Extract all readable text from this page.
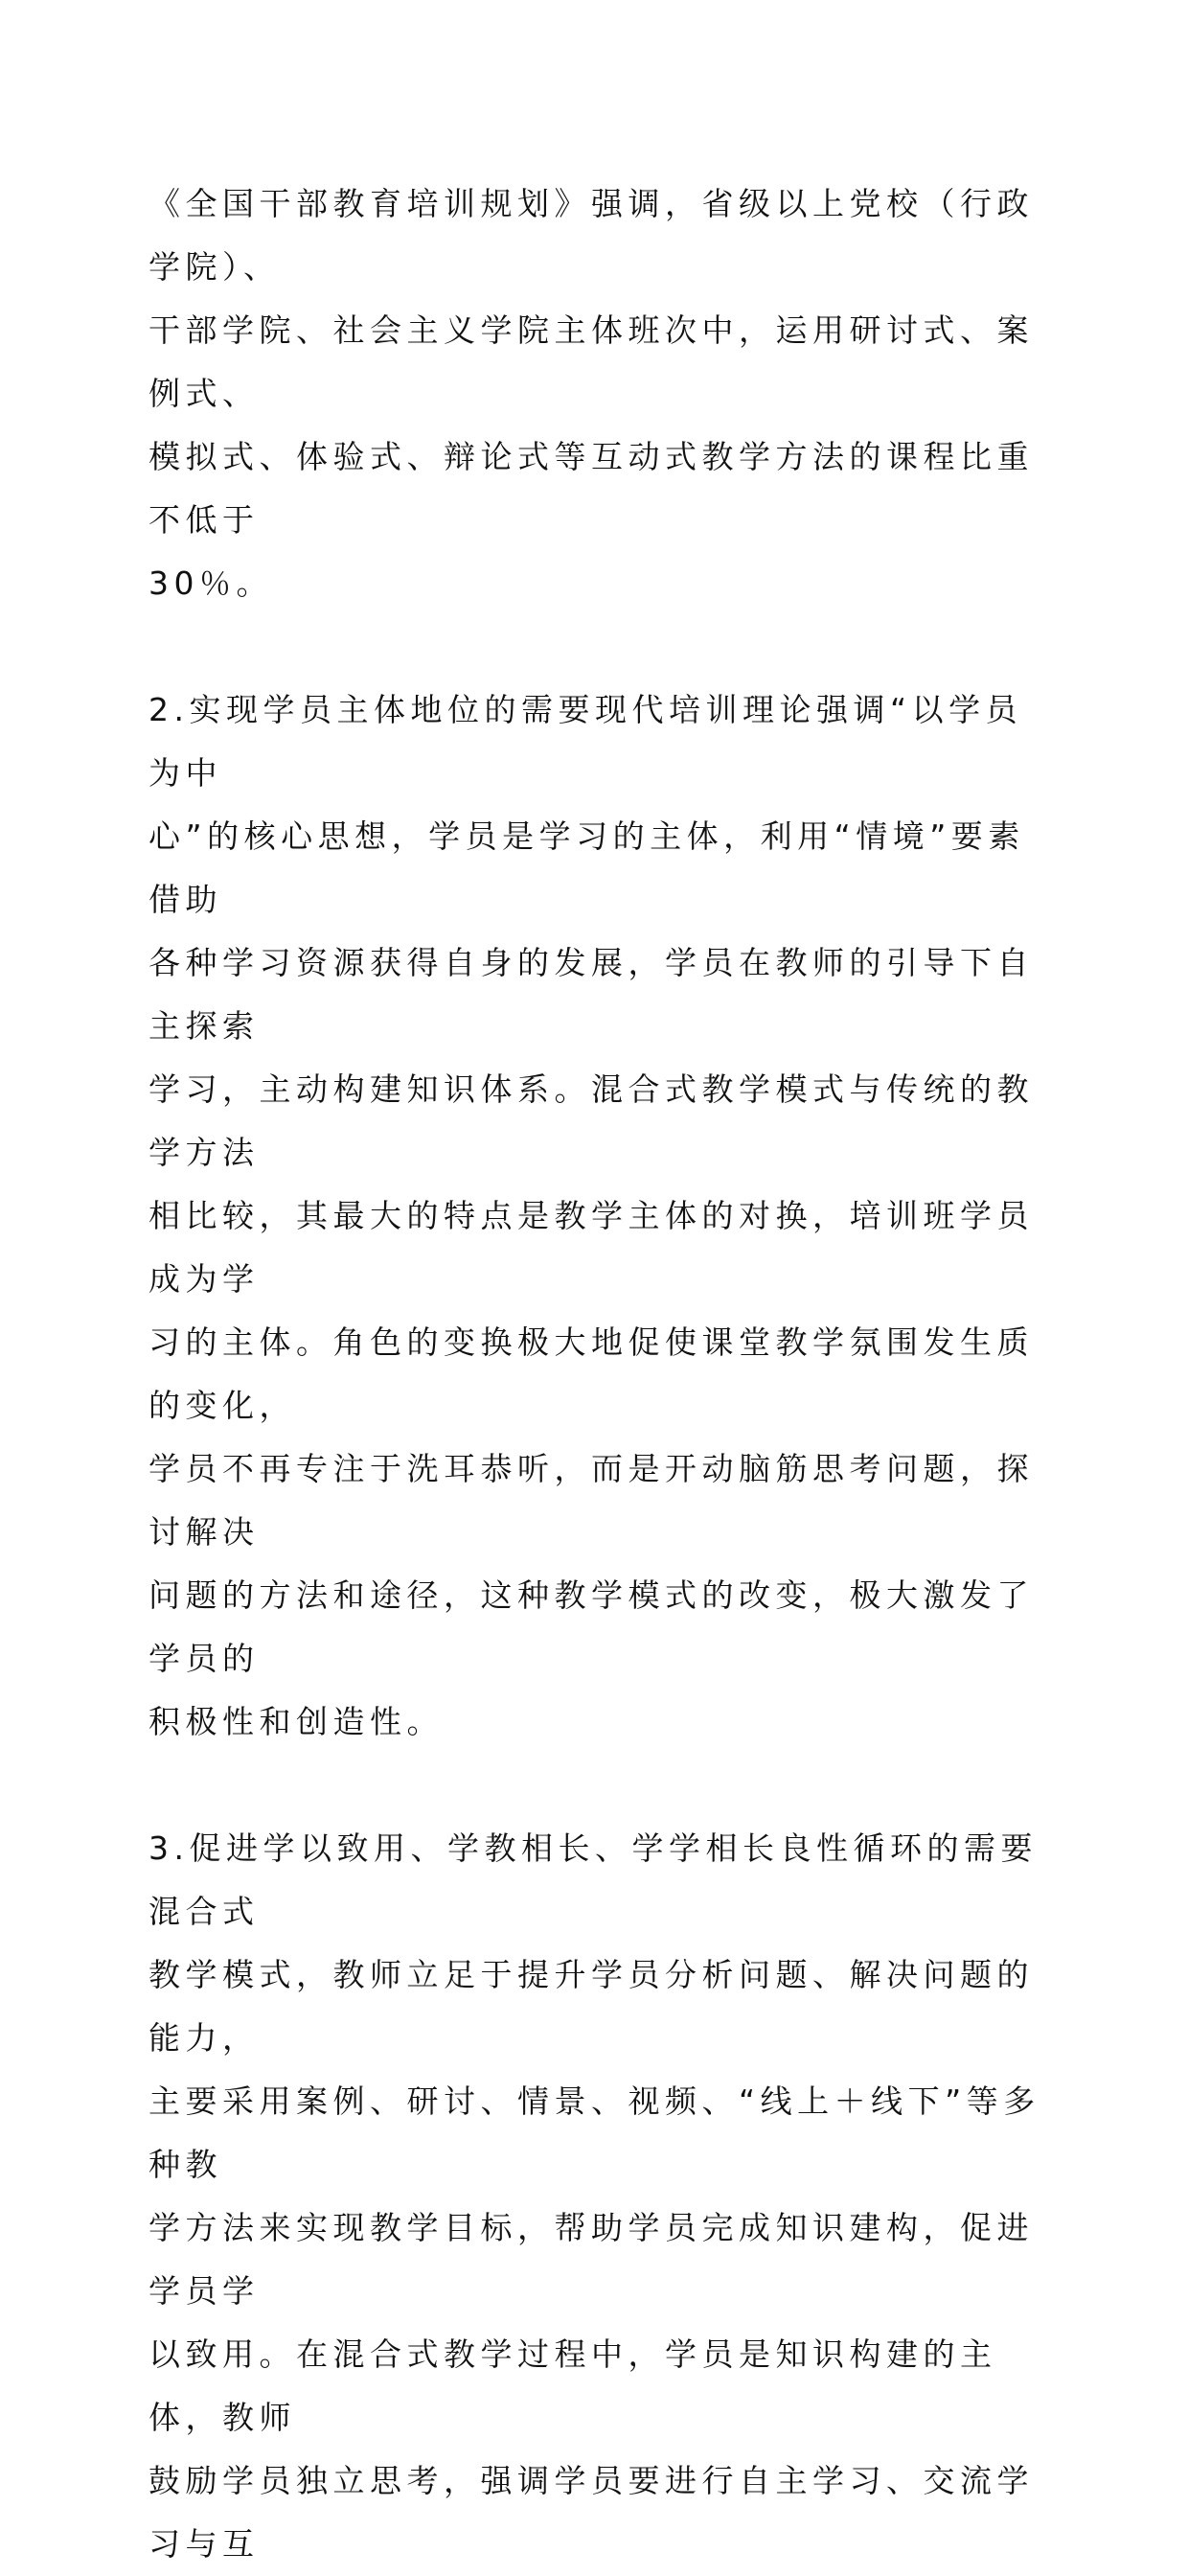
《全国干部教育培训规划》强调，省级以上党校（行政学院）、
干部学院、社会主义学院主体班次中，运用研讨式、案例式、
模拟式、体验式、辩论式等互动式教学方法的课程比重不低于
30％。

2.实现学员主体地位的需要现代培训理论强调“以学员为中
心”的核心思想，学员是学习的主体，利用“情境”要素借助
各种学习资源获得自身的发展，学员在教师的引导下自主探索
学习，主动构建知识体系。混合式教学模式与传统的教学方法
相比较，其最大的特点是教学主体的对换，培训班学员成为学
习的主体。角色的变换极大地促使课堂教学氛围发生质的变化，
学员不再专注于洗耳恭听，而是开动脑筋思考问题，探讨解决
问题的方法和途径，这种教学模式的改变，极大激发了学员的
积极性和创造性。

3.促进学以致用、学教相长、学学相长良性循环的需要混合式
教学模式，教师立足于提升学员分析问题、解决问题的能力，
主要采用案例、研讨、情景、视频、“线上＋线下”等多种教
学方法来实现教学目标，帮助学员完成知识建构，促进学员学
以致用。在混合式教学过程中，学员是知识构建的主体，教师
鼓励学员独立思考，强调学员要进行自主学习、交流学习与互
